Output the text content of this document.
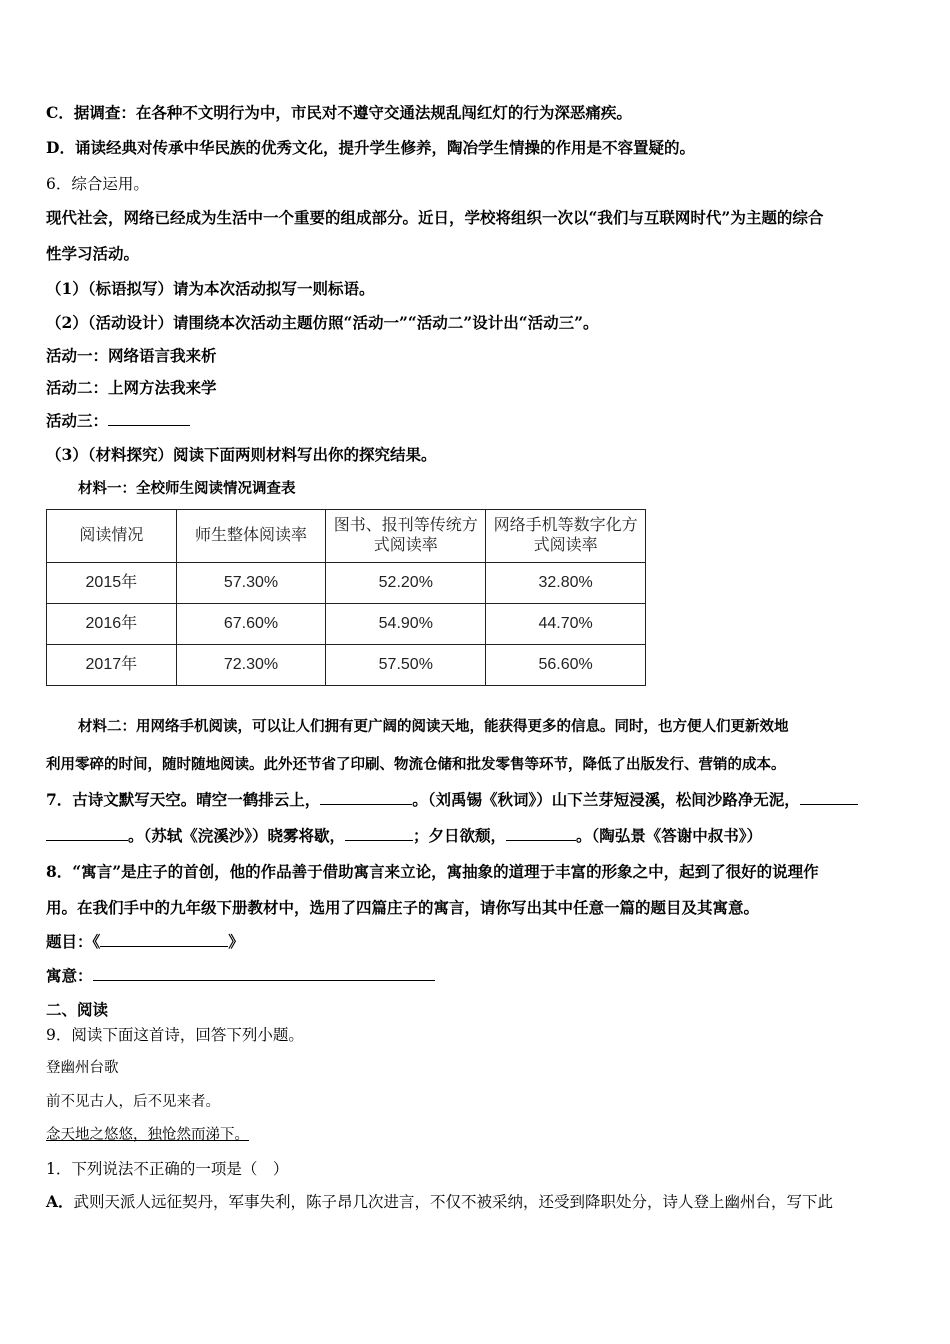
C．据调查：在各种不文明行为中，市民对不遵守交通法规乱闯红灯的行为深恶痛疾。
D．诵读经典对传承中华民族的优秀文化，提升学生修养，陶冶学生情操的作用是不容置疑的。
6．综合运用。
现代社会，网络已经成为生活中一个重要的组成部分。近日，学校将组织一次以“我们与互联网时代”为主题的综合
性学习活动。
（1）（标语拟写）请为本次活动拟写一则标语。
（2）（活动设计）请围绕本次活动主题仿照“活动一”“活动二”设计出“活动三”。
活动一：网络语言我来析
活动二：上网方法我来学
活动三：
（3）（材料探究）阅读下面两则材料写出你的探究结果。
材料一：全校师生阅读情况调查表
阅读情况	师生整体阅读率	图书、报刊等传统方式阅读率	网络手机等数字化方式阅读率
2015年	57.30%	52.20%	32.80%
2016年	67.60%	54.90%	44.70%
2017年	72.30%	57.50%	56.60%
材料二：用网络手机阅读，可以让人们拥有更广阔的阅读天地，能获得更多的信息。同时，也方便人们更新效地
利用零碎的时间，随时随地阅读。此外还节省了印刷、物流仓储和批发零售等环节，降低了出版发行、营销的成本。
7．古诗文默写天空。晴空一鹤排云上，	。（刘禹锡《秋词》）山下兰芽短浸溪，松间沙路净无泥，
。（苏轼《浣溪沙》）晓雾将歇，	；夕日欲颓，	。（陶弘景《答谢中叔书》）
8．“寓言”是庄子的首创，他的作品善于借助寓言来立论，寓抽象的道理于丰富的形象之中，起到了很好的说理作
用。在我们手中的九年级下册教材中，选用了四篇庄子的寓言，请你写出其中任意一篇的题目及其寓意。
题目：《	》
寓意：
二、阅读
9．阅读下面这首诗，回答下列小题。
登幽州台歌
前不见古人，后不见来者。
念天地之悠悠，独怆然而涕下。
1．下列说法不正确的一项是（　）
A．武则天派人远征契丹，军事失利，陈子昂几次进言，不仅不被采纳，还受到降职处分，诗人登上幽州台，写下此
